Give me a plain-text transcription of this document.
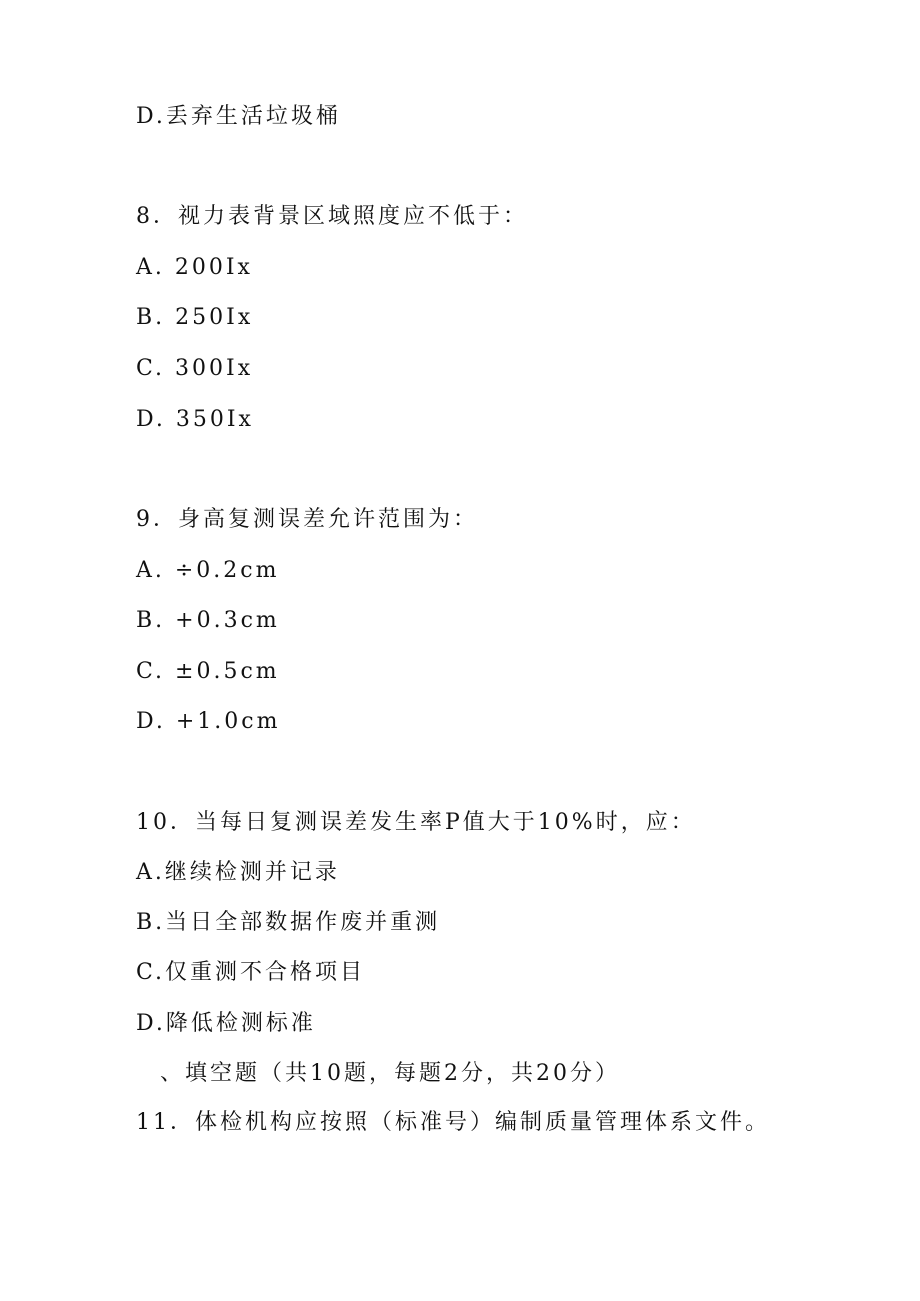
D.丢弃生活垃圾桶
8．视力表背景区域照度应不低于：
A. 200Ix
B. 250Ix
C. 300Ix
D. 350Ix
9．身高复测误差允许范围为：
A. ÷0.2cm
B. +0.3cm
C. ±0.5cm
D. +1.0cm
10．当每日复测误差发生率P值大于10%时，应：
A.继续检测并记录
B.当日全部数据作废并重测
C.仅重测不合格项目
D.降低检测标准
、填空题（共10题，每题2分，共20分）
11．体检机构应按照（标准号）编制质量管理体系文件。
